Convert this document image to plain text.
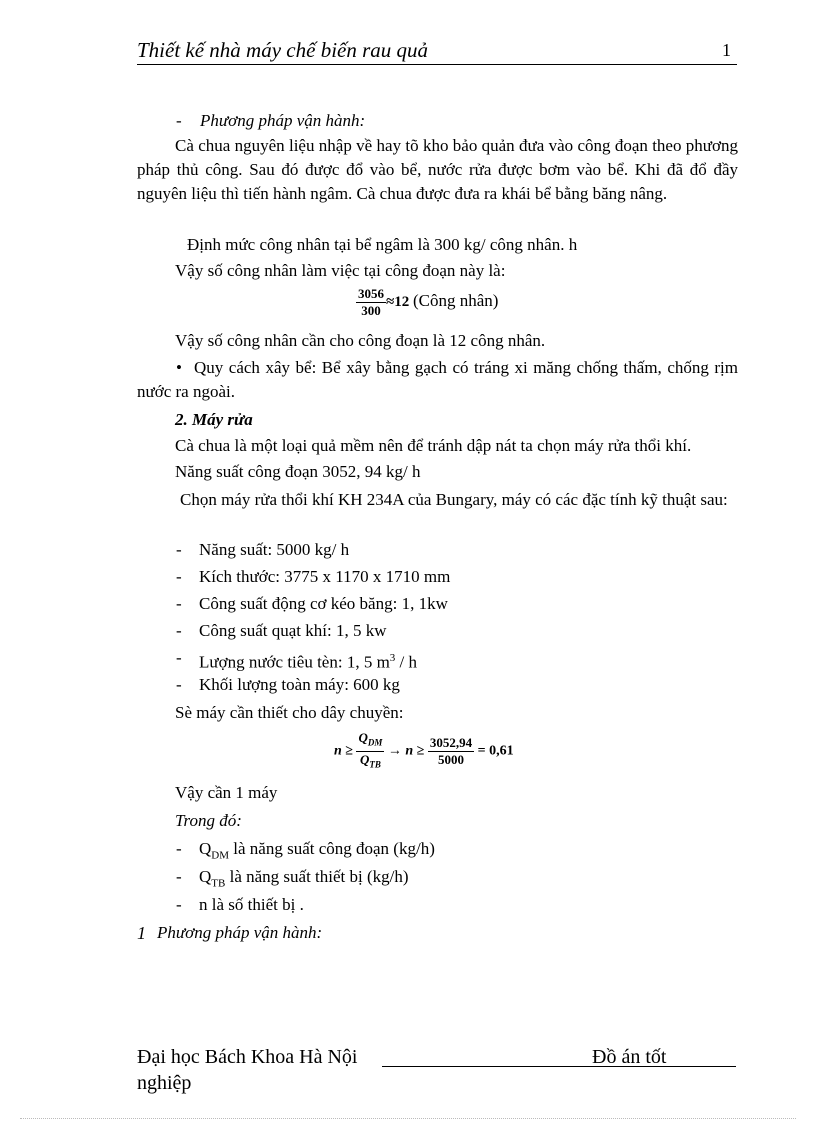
Thiết kế nhà máy chế biến rau quả	1
- Phương pháp vận hành:
Cà chua nguyên liệu nhập về hay tõ kho bảo quản đưa vào công đoạn theo phương pháp thủ công. Sau đó được đổ vào bể, nước rửa được bơm vào bể. Khi đã đổ đầy nguyên liệu thì tiến hành ngâm. Cà chua được đưa ra khái bể bằng băng nâng.
Định mức công nhân tại bể ngâm là 300 kg/ công nhân. h
Vậy số công nhân làm việc tại công đoạn này là:
$\frac{3056}{300} \approx 12$ (Công nhân)
Vậy số công nhân cần cho công đoạn là 12 công nhân.
• Quy cách xây bể: Bể xây bằng gạch có tráng xi măng chống thấm, chống rịm nước ra ngoài.
2. Máy rửa
Cà chua là một loại quả mềm nên để tránh dập nát ta chọn máy rửa thổi khí.
Năng suất công đoạn 3052, 94 kg/ h
Chọn máy rửa thổi khí KH 234A của Bungary, máy có các đặc tính kỹ thuật sau:
- Năng suất: 5000 kg/ h
- Kích thước: 3775 x 1170 x 1710 mm
- Công suất động cơ kéo băng: 1, 1kw
- Công suất quạt khí: 1, 5 kw
- Lượng nước tiêu tèn: 1, 5 $m^3$ / h
- Khối lượng toàn máy: 600 kg
Sè máy cần thiết cho dây chuyền:
$n \ge \frac{Q_{DM}}{Q_{TB}} \to n \ge \frac{3052,94}{5000} = 0,61$
Vậy cần 1 máy
Trong đó:
- $Q_{DM}$ là năng suất công đoạn (kg/h)
- $Q_{TB}$ là năng suất thiết bị (kg/h)
- n là số thiết bị .
1 Phương pháp vận hành:
Đại học Bách Khoa Hà Nội	Đồ án tốt
nghiệp
